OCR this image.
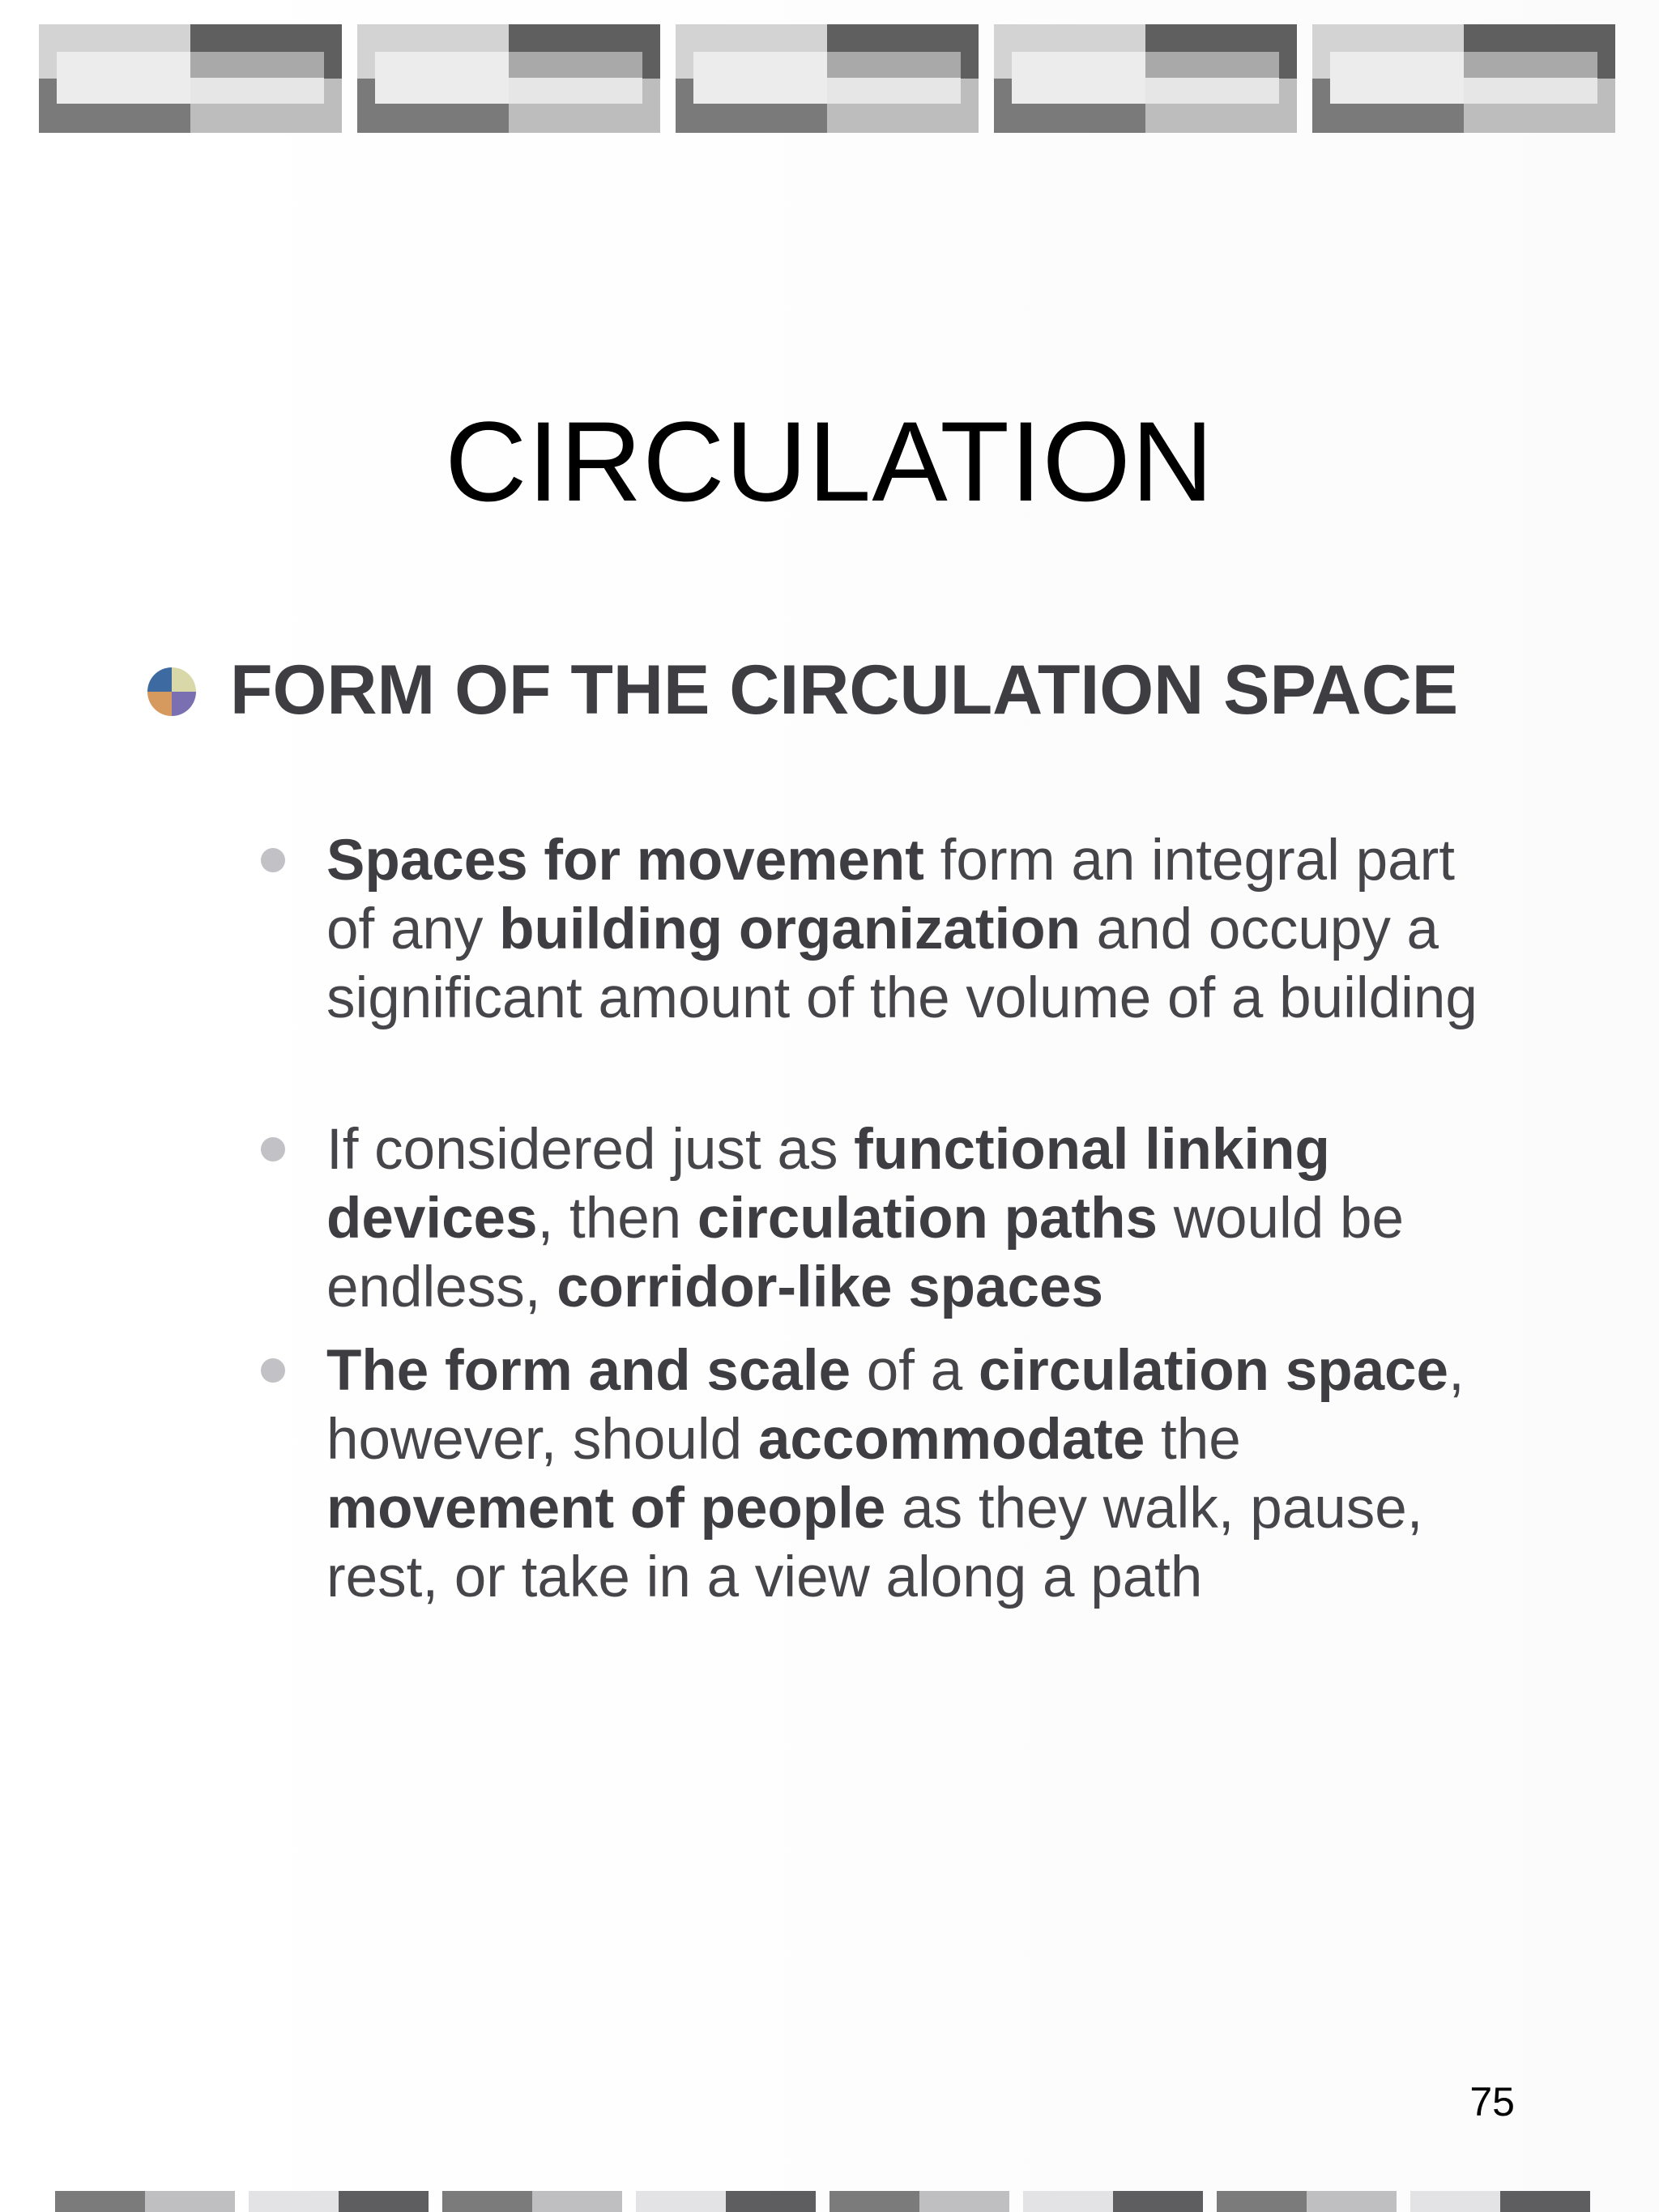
CIRCULATION
FORM OF THE CIRCULATION SPACE
Spaces for movement form an integral part of any building organization and occupy a significant amount of the volume of a building
If considered just as functional linking devices, then circulation paths would be endless, corridor-like spaces
The form and scale of a circulation space, however, should accommodate the movement of people as they walk, pause, rest, or take in a view along a path
75
